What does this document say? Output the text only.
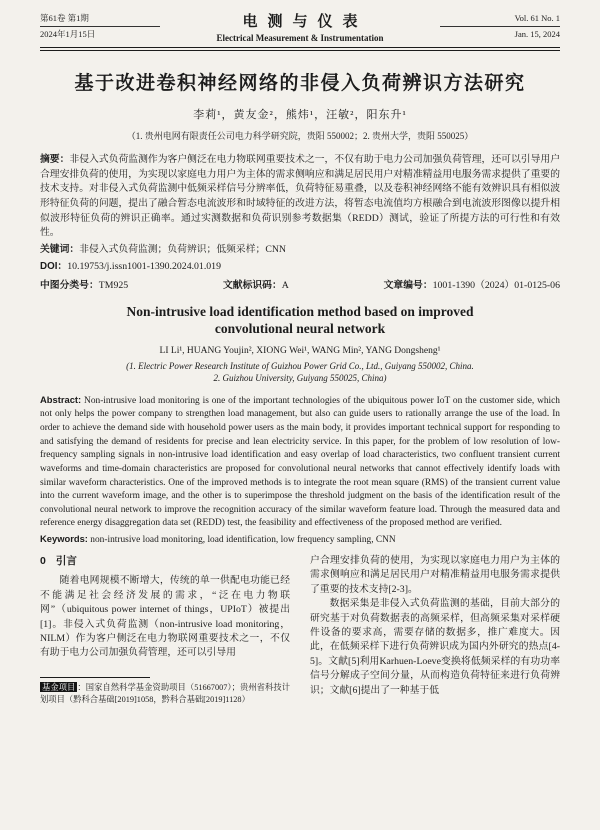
第61卷 第1期
2024年1月15日
电测与仪表
Electrical Measurement & Instrumentation
Vol. 61 No. 1
Jan. 15, 2024
基于改进卷积神经网络的非侵入负荷辨识方法研究
李莉¹，黄友金²，熊炜¹，汪敏²，阳东升¹
（1. 贵州电网有限责任公司电力科学研究院，贵阳 550002；2. 贵州大学，贵阳 550025）

摘要：非侵入式负荷监测作为客户侧泛在电力物联网重要技术之一，不仅有助于电力公司加强负荷管理，还可以引导用户合理安排负荷的使用，为实现以家庭电力用户为主体的需求侧响应和满足居民用户对精准精益用电服务需求提供了重要的技术支持。对非侵入式负荷监测中低频采样信号分辨率低，负荷特征易重叠，以及卷积神经网络不能有效辨识具有相似波形特征负荷的问题，提出了融合暂态电流波形和时域特征的改进方法，将暂态电流值均方根融合到电流波形图像以提升相似波形特征负荷的辨识正确率。通过实测数据和负荷识别参考数据集（REDD）测试，验证了所提方法的可行性和有效性。

关键词：非侵入式负荷监测；负荷辨识；低频采样；CNN

DOI：10.19753/j.issn1001-1390.2024.01.019

中图分类号：TM925	文献标识码：A	文章编号：1001-1390（2024）01-0125-06
Non-intrusive load identification method based on improved convolutional neural network
LI Li¹, HUANG Youjin², XIONG Wei¹, WANG Min², YANG Dongsheng¹
(1. Electric Power Research Institute of Guizhou Power Grid Co., Ltd., Guiyang 550002, China.
2. Guizhou University, Guiyang 550025, China)

Abstract: Non-intrusive load monitoring is one of the important technologies of the ubiquitous power IoT on the customer side, which not only helps the power company to strengthen load management, but also can guide users to rationally arrange the use of the load. In order to achieve the demand side with household power users as the main body, it provides important technical support for responding to and satisfying the demand of residents for precise and lean electricity service. In this paper, for the problem of low resolution of low-frequency sampling signals in non-intrusive load identification and easy overlap of load characteristics, two confluent transient current waveforms and time-domain characteristics are proposed for convolutional neural networks that cannot effectively identify loads with similar waveform characteristics. One of the improved methods is to integrate the root mean square (RMS) of the transient current value into the current waveform image, and the other is to superimpose the threshold judgment on the basis of the identification result of the convolutional neural network to improve the recognition accuracy of the similar waveform feature load. Through the measured data and reference energy disaggregation data set (REDD) test, the feasibility and effectiveness of the proposed method are verified.

Keywords: non-intrusive load monitoring, load identification, low frequency sampling, CNN

0 引言

随着电网规模不断增大，传统的单一供配电功能已经不能满足社会经济发展的需求，“泛在电力物联网”（ubiquitous power internet of things，UPIoT）被提出[1]。非侵入式负荷监测（non-intrusive load monitoring，NILM）作为客户侧泛在电力物联网重要技术之一，不仅有助于电力公司加强负荷管理，还可以引导用

基金项目 ：国家自然科学基金资助项目（51667007）；贵州省科技计划项目（黔科合基础[2019]1058，黔科合基础[2019]1128）

户合理安排负荷的使用，为实现以家庭电力用户为主体的需求侧响应和满足居民用户对精准精益用电服务需求提供了重要的技术支持[2-3]。

数据采集是非侵入式负荷监测的基础，目前大部分的研究基于对负荷数据表的高频采样，但高频采集对采样硬件设备的要求高，需要存储的数据多，推广难度大。因此，在低频采样下进行负荷辨识成为国内外研究的热点[4-5]。文献[5]利用Karhuen-Loeve变换将低频采样的有功功率信号分解成子空间分量，从而构造负荷特征来进行负荷辨识；文献[6]提出了一种基于低
